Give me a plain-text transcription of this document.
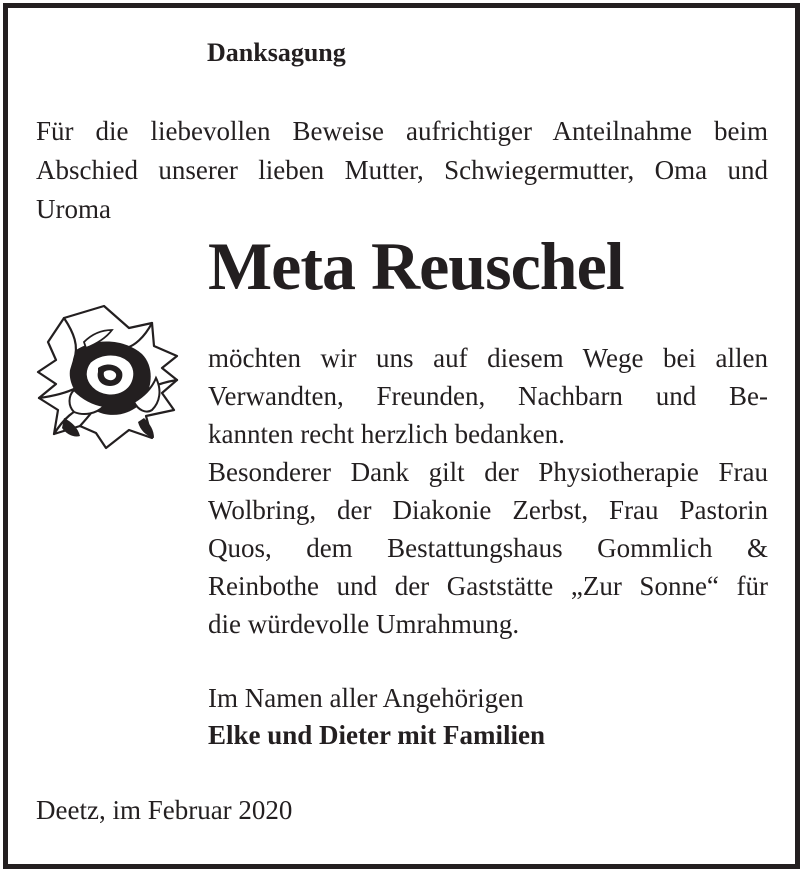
Danksagung

Für die liebevollen Beweise aufrichtiger Anteilnahme beim
Abschied unserer lieben Mutter, Schwiegermutter, Oma und
Uroma

Meta Reuschel

möchten wir uns auf diesem Wege bei allen
Verwandten, Freunden, Nachbarn und Be-
kannten recht herzlich bedanken.
Besonderer Dank gilt der Physiotherapie Frau
Wolbring, der Diakonie Zerbst, Frau Pastorin
Quos, dem Bestattungshaus Gommlich &
Reinbothe und der Gaststätte „Zur Sonne“ für
die würdevolle Umrahmung.

Im Namen aller Angehörigen
Elke und Dieter mit Familien
Deetz, im Februar 2020
